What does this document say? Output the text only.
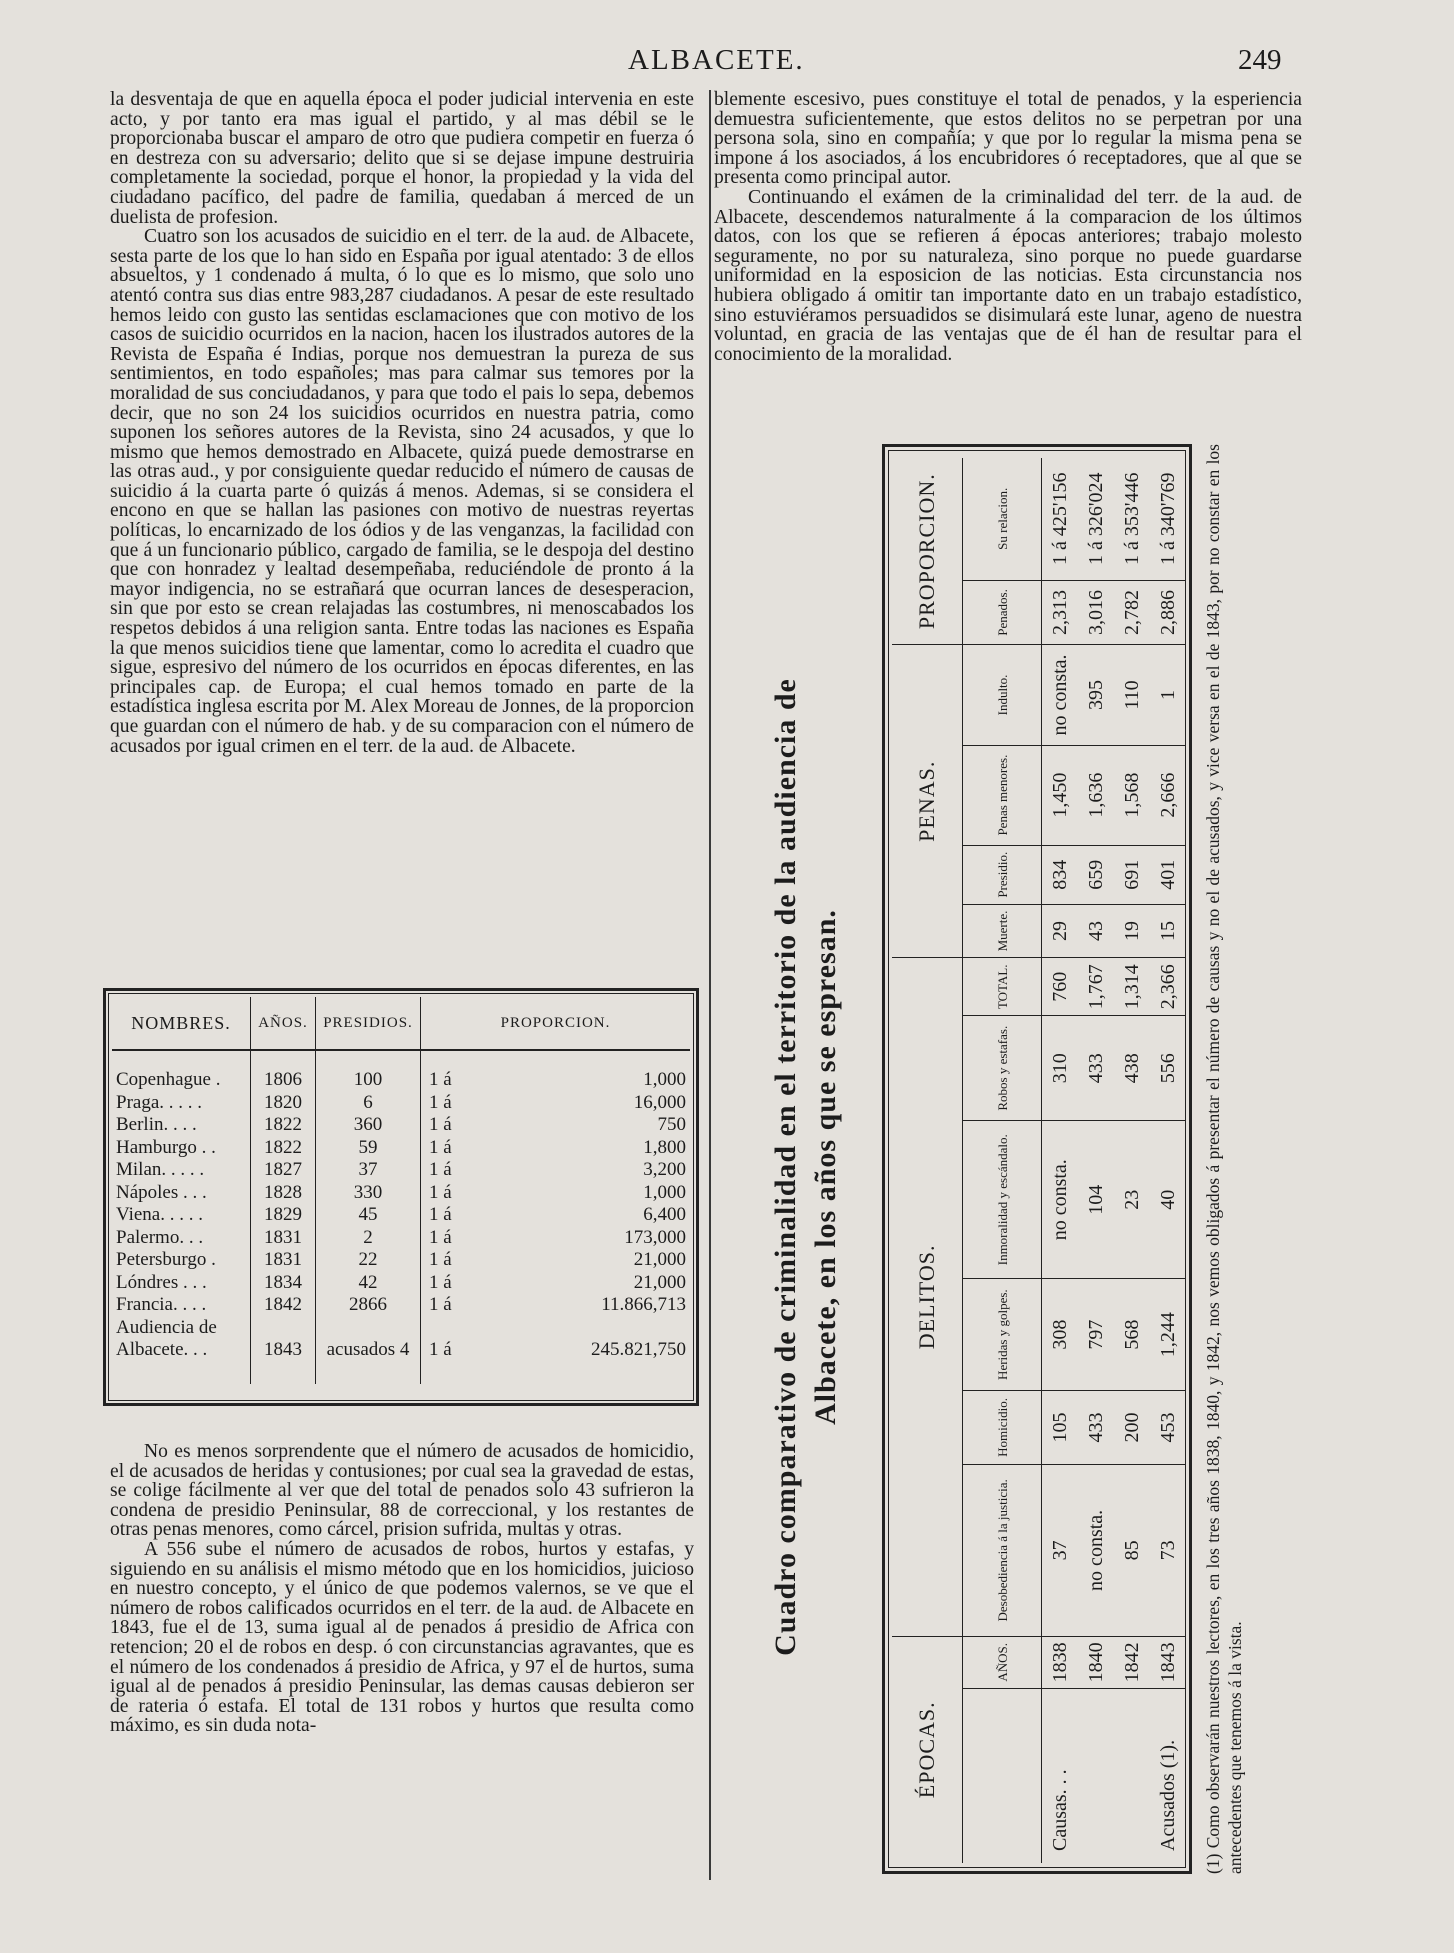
ALBACETE.	249

la desventaja de que en aquella época el poder judicial intervenia en este acto, y por tanto era mas igual el partido, y al mas débil se le proporcionaba buscar el amparo de otro que pudiera competir en fuerza ó en destreza con su adversario; delito que si se dejase impune destruiria completamente la sociedad, porque el honor, la propiedad y la vida del ciudadano pacífico, del padre de familia, quedaban á merced de un duelista de profesion.

Cuatro son los acusados de suicidio en el terr. de la aud. de Albacete, sesta parte de los que lo han sido en España por igual atentado: 3 de ellos absueltos, y 1 condenado á multa, ó lo que es lo mismo, que solo uno atentó contra sus dias entre 983,287 ciudadanos. A pesar de este resultado hemos leido con gusto las sentidas esclamaciones que con motivo de los casos de suicidio ocurridos en la nacion, hacen los ilustrados autores de la Revista de España é Indias, porque nos demuestran la pureza de sus sentimientos, en todo españoles; mas para calmar sus temores por la moralidad de sus conciudadanos, y para que todo el pais lo sepa, debemos decir, que no son 24 los suicidios ocurridos en nuestra patria, como suponen los señores autores de la Revista, sino 24 acusados, y que lo mismo que hemos demostrado en Albacete, quizá puede demostrarse en las otras aud., y por consiguiente quedar reducido el número de causas de suicidio á la cuarta parte ó quizás á menos. Ademas, si se considera el encono en que se hallan las pasiones con motivo de nuestras reyertas políticas, lo encarnizado de los ódios y de las venganzas, la facilidad con que á un funcionario público, cargado de familia, se le despoja del destino que con honradez y lealtad desempeñaba, reduciéndole de pronto á la mayor indigencia, no se estrañará que ocurran lances de desesperacion, sin que por esto se crean relajadas las costumbres, ni menoscabados los respetos debidos á una religion santa. Entre todas las naciones es España la que menos suicidios tiene que lamentar, como lo acredita el cuadro que sigue, espresivo del número de los ocurridos en épocas diferentes, en las principales cap. de Europa; el cual hemos tomado en parte de la estadística inglesa escrita por M. Alex Moreau de Jonnes, de la proporcion que guardan con el número de hab. y de su comparacion con el número de acusados por igual crimen en el terr. de la aud. de Albacete.

NOMBRES.	AÑOS.	PRESIDIOS.	PROPORCION.
Copenhague .	1806	100	1 á 1,000
Praga. . . . .	1820	6	1 á 16,000
Berlin. . . .	1822	360	1 á 750
Hamburgo . .	1822	59	1 á 1,800
Milan. . . . .	1827	37	1 á 3,200
Nápoles . . .	1828	330	1 á 1,000
Viena. . . . .	1829	45	1 á 6,400
Palermo. . .	1831	2	1 á 173,000
Petersburgo .	1831	22	1 á 21,000
Lóndres . . .	1834	42	1 á 21,000
Francia. . . .	1842	2866	1 á 11.866,713
Audiencia de			

Albacete. . .	1843	acusados 4	1 á 245.821,750

No es menos sorprendente que el número de acusados de homicidio, el de acusados de heridas y contusiones; por cual sea la gravedad de estas, se colige fácilmente al ver que del total de penados solo 43 sufrieron la condena de presidio Peninsular, 88 de correccional, y los restantes de otras penas menores, como cárcel, prision sufrida, multas y otras.

A 556 sube el número de acusados de robos, hurtos y estafas, y siguiendo en su análisis el mismo método que en los homicidios, juicioso en nuestro concepto, y el único de que podemos valernos, se ve que el número de robos calificados ocurridos en el terr. de la aud. de Albacete en 1843, fue el de 13, suma igual al de penados á presidio de Africa con retencion; 20 el de robos en desp. ó con circunstancias agravantes, que es el número de los condenados á presidio de Africa, y 97 el de hurtos, suma igual al de penados á presidio Peninsular, las demas causas debieron ser de rateria ó estafa. El total de 131 robos y hurtos que resulta como máximo, es sin duda nota-

blemente escesivo, pues constituye el total de penados, y la esperiencia demuestra suficientemente, que estos delitos no se perpetran por una persona sola, sino en compañía; y que por lo regular la misma pena se impone á los asociados, á los encubridores ó receptadores, que al que se presenta como principal autor.

Continuando el exámen de la criminalidad del terr. de la aud. de Albacete, descendemos naturalmente á la comparacion de los últimos datos, con los que se refieren á épocas anteriores; trabajo molesto seguramente, no por su naturaleza, sino porque no puede guardarse uniformidad en la esposicion de las noticias. Esta circunstancia nos hubiera obligado á omitir tan importante dato en un trabajo estadístico, sino estuviéramos persuadidos se disimulará este lunar, ageno de nuestra voluntad, en gracia de las ventajas que de él han de resultar para el conocimiento de la moralidad.

Cuadro comparativo de criminalidad en el territorio de la audiencia de Albacete, en los años que se espresan.
ÉPOCAS.		DELITOS.						PENAS.				PROPORCION.	
	AÑOS.	Desobediencia á la justicia.	Homicidio.	Heridas y golpes.	Inmoralidad y escándalo.	Robos y estafas.	TOTAL.	Muerte.	Presidio.	Penas menores.	Indulto.	Penados.	Su relacion.
Causas. . .	1838	37	105	308	no consta.	310	760	29	834	1,450	no consta.	2,313	1 á 425'156
	1840	no consta.	433	797	104	433	1,767	43	659	1,636	395	3,016	1 á 326'024
	1842	85	200	568	23	438	1,314	19	691	1,568	110	2,782	1 á 353'446
Acusados (1).	1843	73	453	1,244	40	556	2,366	15	401	2,666	1	2,886	1 á 340'769 (1) Como observarán nuestros lectores, en los tres años 1838, 1840, y 1842, nos vemos obligados á presentar el número de causas y no el de acusados, y vice versa en el de 1843, por no constar en los antecedentes que tenemos á la vista.
